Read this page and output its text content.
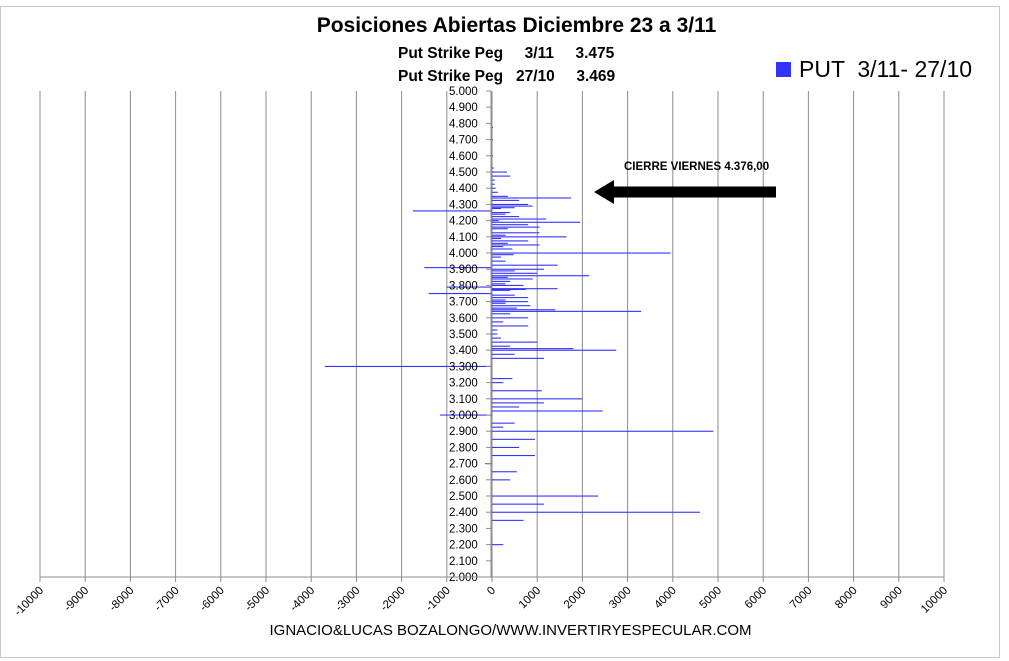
Posiciones Abiertas Diciembre 23 a 3/11
Put Strike Peg 3/11 3.475
Put Strike Peg 27/10 3.469	PUT  3/11- 27/10
2.000
2.100
2.200
2.300
2.400
2.500
2.600
2.700
2.800
2.900
3.000
3.100
3.200
3.300
3.400
3.500
3.600
3.700
3.800
3.900
4.000
4.100
4.200
4.300
4.400
4.500
4.600
4.700
4.800
4.900
5.000
-10000 -9000 -8000 -7000 -6000 -5000 -4000 -3000 -2000 -1000	0 1000 2000 3000 4000 5000 6000 7000 8000 9000 10000
CIERRE VIERNES 4.376,00
IGNACIO&LUCAS BOZALONGO/WWW.INVERTIRYESPECULAR.COM
